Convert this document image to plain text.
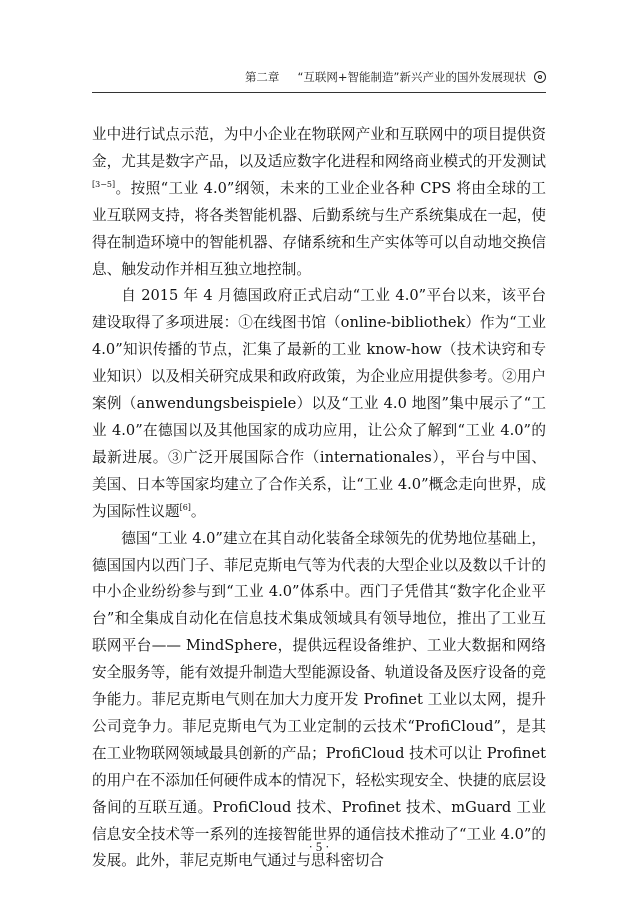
第二章 “互联网+智能制造”新兴产业的国外发展现状

业中进行试点示范，为中小企业在物联网产业和互联网中的项目提供资金，尤其是数字产品，以及适应数字化进程和网络商业模式的开发测试[3−5]。按照“工业 4.0”纲领，未来的工业企业各种 CPS 将由全球的工业互联网支持，将各类智能机器、后勤系统与生产系统集成在一起，使得在制造环境中的智能机器、存储系统和生产实体等可以自动地交换信息、触发动作并相互独立地控制。

自 2015 年 4 月德国政府正式启动“工业 4.0”平台以来，该平台建设取得了多项进展：①在线图书馆（online-bibliothek）作为“工业 4.0”知识传播的节点，汇集了最新的工业 know-how（技术诀窍和专业知识）以及相关研究成果和政府政策，为企业应用提供参考。②用户案例（anwendungsbeispiele）以及“工业 4.0 地图”集中展示了“工业 4.0”在德国以及其他国家的成功应用，让公众了解到“工业 4.0”的最新进展。③广泛开展国际合作（internationales），平台与中国、美国、日本等国家均建立了合作关系，让“工业 4.0”概念走向世界，成为国际性议题[6]。

德国“工业 4.0”建立在其自动化装备全球领先的优势地位基础上，德国国内以西门子、菲尼克斯电气等为代表的大型企业以及数以千计的中小企业纷纷参与到“工业 4.0”体系中。西门子凭借其“数字化企业平台”和全集成自动化在信息技术集成领域具有领导地位，推出了工业互联网平台—— MindSphere，提供远程设备维护、工业大数据和网络安全服务等，能有效提升制造大型能源设备、轨道设备及医疗设备的竞争能力。菲尼克斯电气则在加大力度开发 Profinet 工业以太网，提升公司竞争力。菲尼克斯电气为工业定制的云技术“ProfiCloud”，是其在工业物联网领域最具创新的产品；ProfiCloud 技术可以让 Profinet 的用户在不添加任何硬件成本的情况下，轻松实现安全、快捷的底层设备间的互联互通。ProfiCloud 技术、Profinet 技术、mGuard 工业信息安全技术等一系列的连接智能世界的通信技术推动了“工业 4.0”的发展。此外，菲尼克斯电气通过与思科密切合

· 5 ·
